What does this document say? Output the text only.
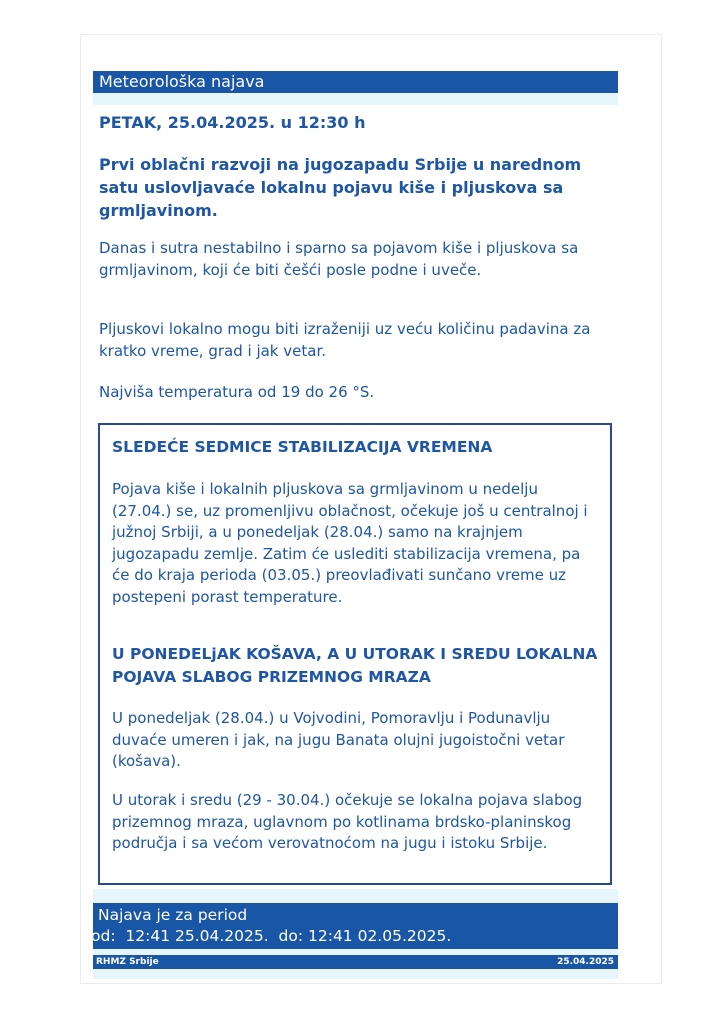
Meteorološka najava
PETAK, 25.04.2025. u 12:30 h
Prvi oblačni razvoji na jugozapadu Srbije u narednom satu uslovljavaće lokalnu pojavu kiše i pljuskova sa grmljavinom.
Danas i sutra nestabilno i sparno sa pojavom kiše i pljuskova sa grmljavinom, koji će biti češći posle podne i uveče.
Pljuskovi lokalno mogu biti izraženiji uz veću količinu padavina za kratko vreme, grad i jak vetar.
Najviša temperatura od 19 do 26 °S.
SLEDEĆE SEDMICE STABILIZACIJA VREMENA
Pojava kiše i lokalnih pljuskova sa grmljavinom u nedelju (27.04.) se, uz promenljivu oblačnost, očekuje još u centralnoj i južnoj Srbiji, a u ponedeljak (28.04.) samo na krajnjem jugozapadu zemlje. Zatim će uslediti stabilizacija vremena, pa će do kraja perioda (03.05.) preovlađivati sunčano vreme uz postepeni porast temperature.
U PONEDELjAK KOŠAVA, A U UTORAK I SREDU LOKALNA POJAVA SLABOG PRIZEMNOG MRAZA
U ponedeljak (28.04.) u Vojvodini, Pomoravlju i Podunavlju duvaće umeren i jak, na jugu Banata olujni jugoistočni vetar (košava).
U utorak i sredu (29 - 30.04.) očekuje se lokalna pojava slabog prizemnog mraza, uglavnom po kotlinama brdsko-planinskog područja i sa većom verovatnoćom na jugu i istoku Srbije.
Najava je za period
od:  12:41 25.04.2025.  do: 12:41 02.05.2025.
RHMZ Srbije	25.04.2025
